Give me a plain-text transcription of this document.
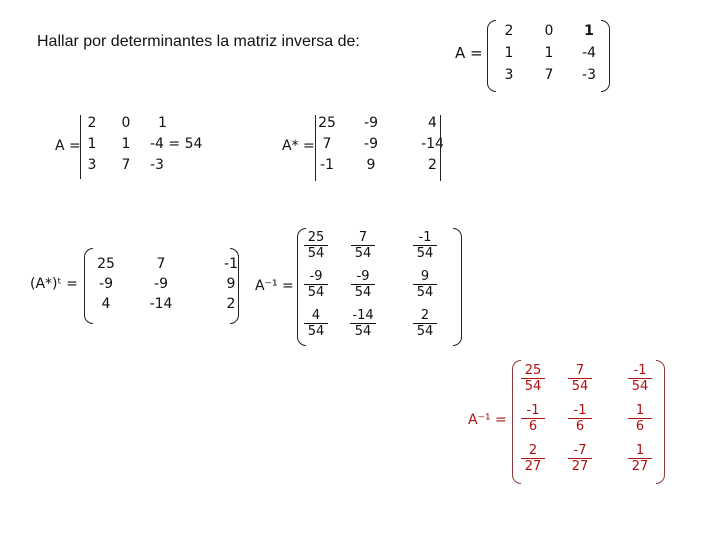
Hallar por determinantes la matriz inversa de:
A =
2	0	1
1	1	-4
3	7	-3
A =
2	0	1
1	1	-4 = 54
3	7	-3
A* =
25	-9	4
7	-9	-14
-1	9	2
(A*)ᵗ =
25	7	-1
-9	-9	9
4	-14	2
A⁻¹ =
$\frac{25}{54} \frac{7}{54} \frac{-1}{54}$
$\frac{-9}{54} \frac{-9}{54} \frac{9}{54}$
$\frac{4}{54} \frac{-14}{54} \frac{2}{54}$
A⁻¹ =
$\frac{25}{54} \frac{7}{54} \frac{-1}{54}$
$\frac{-1}{6} \frac{-1}{6} \frac{1}{6}$
$\frac{2}{27} \frac{-7}{27} \frac{1}{27}$
